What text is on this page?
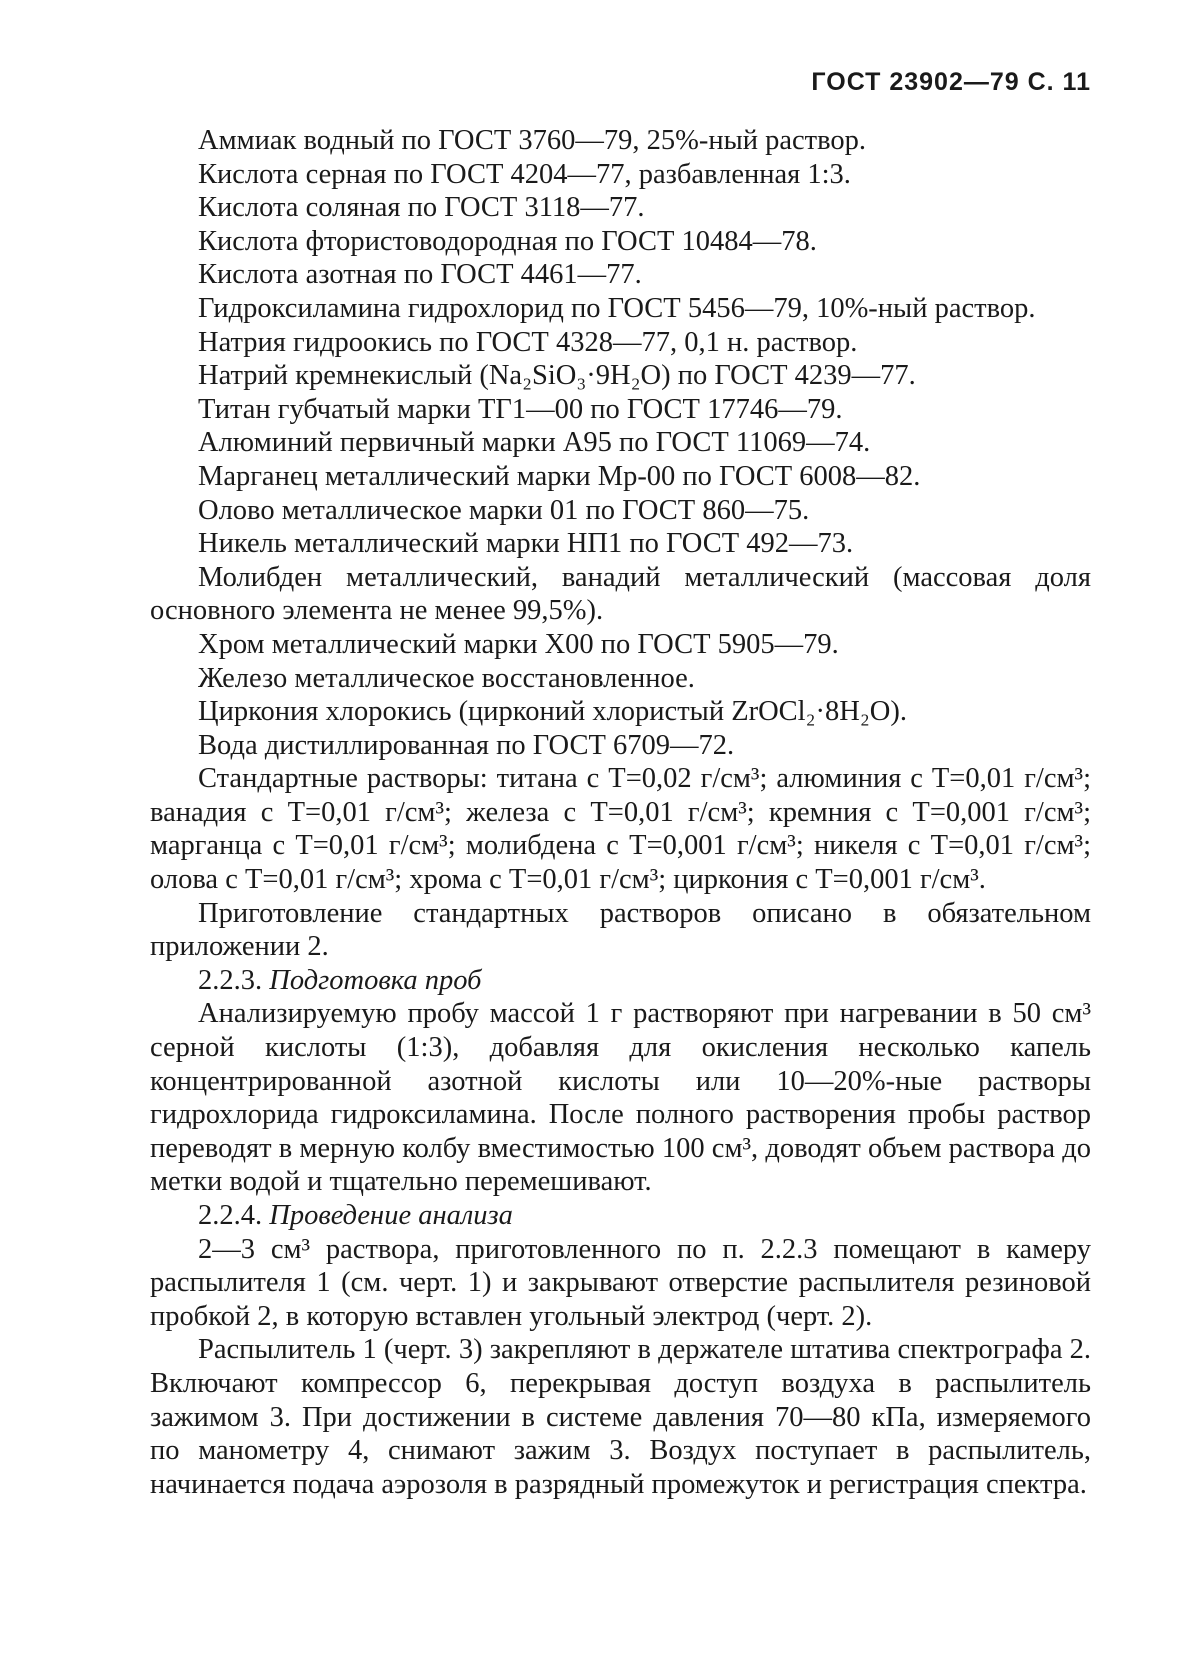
ГОСТ 23902—79 С. 11

Аммиак водный по ГОСТ 3760—79, 25%-ный раствор.

Кислота серная по ГОСТ 4204—77, разбавленная 1:3.

Кислота соляная по ГОСТ 3118—77.

Кислота фтористоводородная по ГОСТ 10484—78.

Кислота азотная по ГОСТ 4461—77.

Гидроксиламина гидрохлорид по ГОСТ 5456—79, 10%-ный раствор.

Натрия гидроокись по ГОСТ 4328—77, 0,1 н. раствор.

Натрий кремнекислый (Na₂SiO₃·9H₂O) по ГОСТ 4239—77.

Титан губчатый марки ТГ1—00 по ГОСТ 17746—79.

Алюминий первичный марки А95 по ГОСТ 11069—74.

Марганец металлический марки Мр-00 по ГОСТ 6008—82.

Олово металлическое марки 01 по ГОСТ 860—75.

Никель металлический марки НП1 по ГОСТ 492—73.

Молибден металлический, ванадий металлический (массовая доля основного элемента не менее 99,5%).

Хром металлический марки Х00 по ГОСТ 5905—79.

Железо металлическое восстановленное.

Циркония хлорокись (цирконий хлористый ZrOCl₂·8H₂O).

Вода дистиллированная по ГОСТ 6709—72.

Стандартные растворы: титана с T=0,02 г/см³; алюминия с T=0,01 г/см³; ванадия с T=0,01 г/см³; железа с T=0,01 г/см³; кремния с T=0,001 г/см³; марганца с T=0,01 г/см³; молибдена с T=0,001 г/см³; никеля с T=0,01 г/см³; олова с T=0,01 г/см³; хрома с T=0,01 г/см³; циркония с T=0,001 г/см³.

Приготовление стандартных растворов описано в обязательном приложении 2.

2.2.3. Подготовка проб

Анализируемую пробу массой 1 г растворяют при нагревании в 50 см³ серной кислоты (1:3), добавляя для окисления несколько капель концентрированной азотной кислоты или 10—20%-ные растворы гидрохлорида гидроксиламина. После полного растворения пробы раствор переводят в мерную колбу вместимостью 100 см³, доводят объем раствора до метки водой и тщательно перемешивают.

2.2.4. Проведение анализа

2—3 см³ раствора, приготовленного по п. 2.2.3 помещают в камеру распылителя 1 (см. черт. 1) и закрывают отверстие распылителя резиновой пробкой 2, в которую вставлен угольный электрод (черт. 2).

Распылитель 1 (черт. 3) закрепляют в держателе штатива спектрографа 2. Включают компрессор 6, перекрывая доступ воздуха в распылитель зажимом 3. При достижении в системе давления 70—80 кПа, измеряемого по манометру 4, снимают зажим 3. Воздух поступает в распылитель, начинается подача аэрозоля в разрядный промежуток и регистрация спектра.
